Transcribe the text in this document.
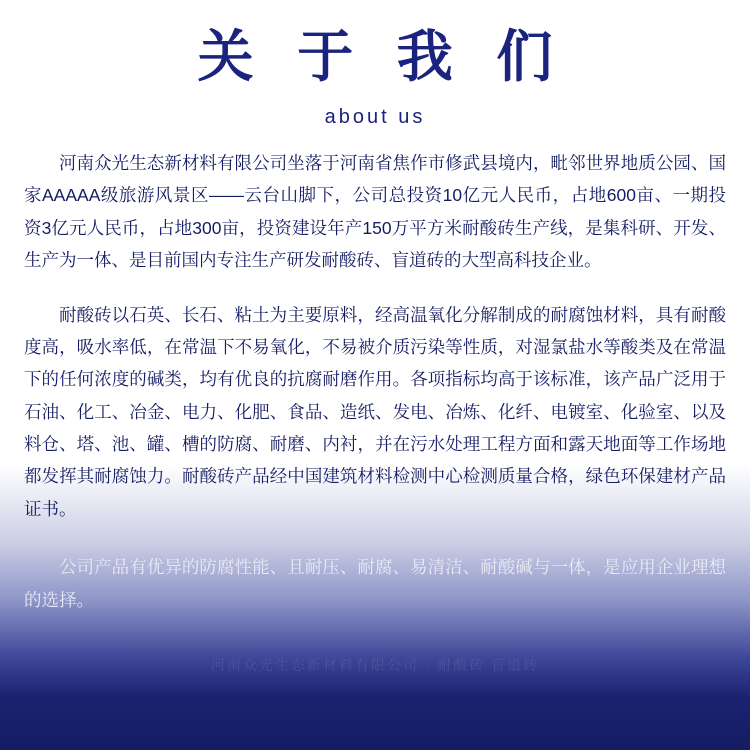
关 于 我 们
about us

河南众光生态新材料有限公司坐落于河南省焦作市修武县境内，毗邻世界地质公园、国家AAAAA级旅游风景区——云台山脚下，公司总投资10亿元人民币，占地600亩、一期投资3亿元人民币，占地300亩，投资建设年产150万平方米耐酸砖生产线，是集科研、开发、生产为一体、是目前国内专注生产研发耐酸砖、盲道砖的大型高科技企业。

耐酸砖以石英、长石、粘土为主要原料，经高温氧化分解制成的耐腐蚀材料，具有耐酸度高，吸水率低，在常温下不易氧化，不易被介质污染等性质，对湿氯盐水等酸类及在常温下的任何浓度的碱类，均有优良的抗腐耐磨作用。各项指标均高于该标准，该产品广泛用于石油、化工、冶金、电力、化肥、食品、造纸、发电、冶炼、化纤、电镀室、化验室、以及料仓、塔、池、罐、槽的防腐、耐磨、内衬，并在污水处理工程方面和露天地面等工作场地都发挥其耐腐蚀力。耐酸砖产品经中国建筑材料检测中心检测质量合格，绿色环保建材产品证书。

公司产品有优异的防腐性能、且耐压、耐腐、易清洁、耐酸碱与一体，是应用企业理想的选择。

河南众光生态新材料有限公司 · 耐酸砖 盲道砖
